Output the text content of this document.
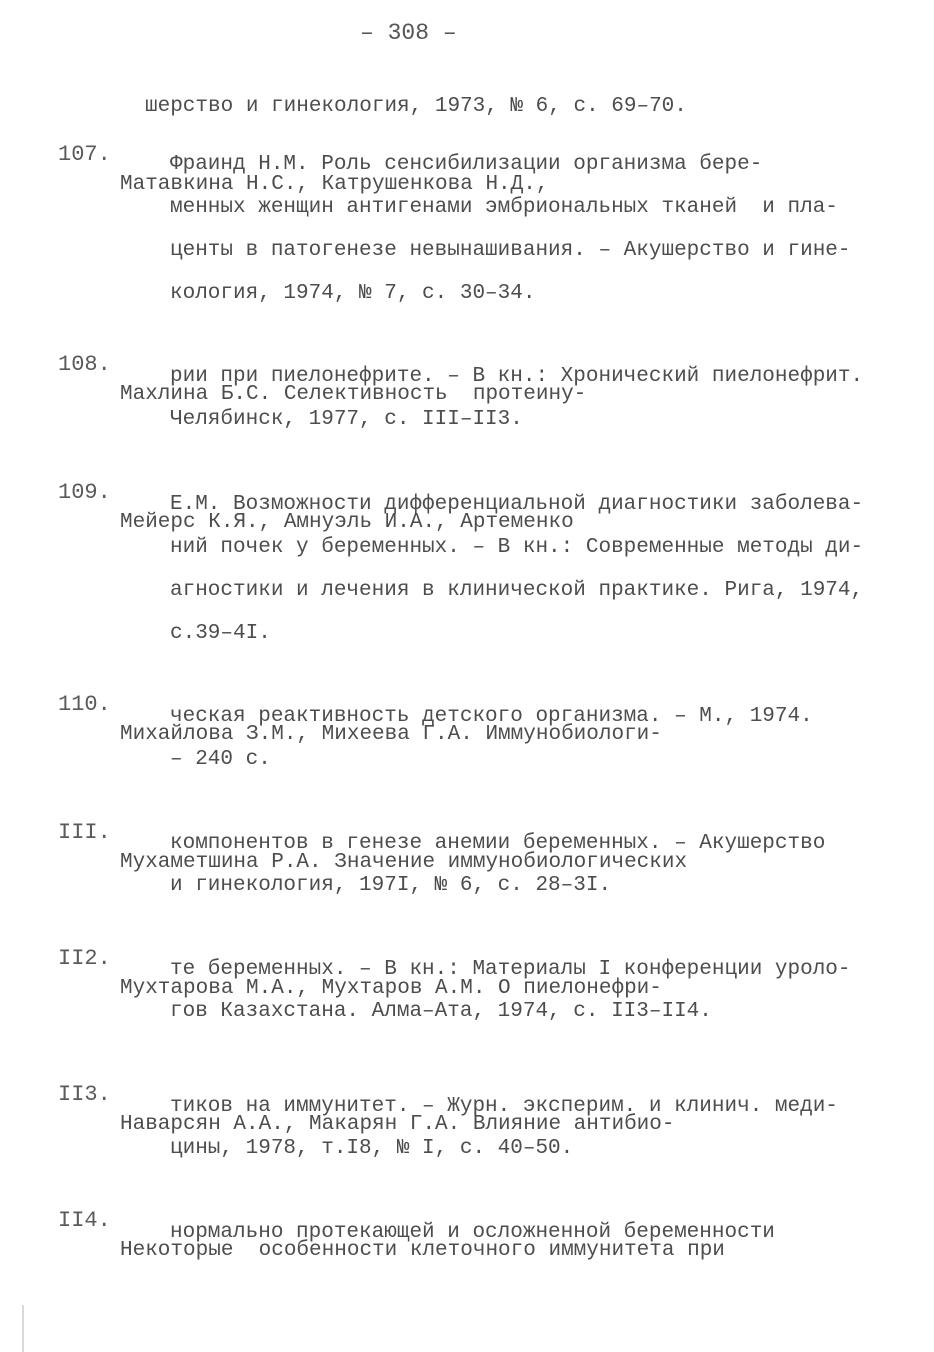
– 308 –

шерство и гинекология, 1973, № 6, с. 69–70.

107.

Матавкина Н.С., Катрушенкова Н.Д.,

Фраинд Н.М. Роль сенсибилизации организма бере-
менных женщин антигенами эмбриональных тканей  и пла-
центы в патогенезе невынашивания. – Акушерство и гине-
кология, 1974, № 7, с. 30–34.

108.

Махлина Б.С. Селективность  протеину-

рии при пиелонефрите. – В кн.: Хронический пиелонефрит.
Челябинск, 1977, с. III–II3.

109.

Мейерс К.Я., Амнуэль И.А., Артеменко

Е.М. Возможности дифференциальной диагностики заболева-
ний почек у беременных. – В кн.: Современные методы ди-
агностики и лечения в клинической практике. Рига, 1974,
с.39–4I.

110.

Михайлова З.М., Михеева Г.А. Иммунобиологи-

ческая реактивность детского организма. – М., 1974.
– 240 с.

III.

Мухаметшина Р.А. Значение иммунобиологических

компонентов в генезе анемии беременных. – Акушерство
и гинекология, 197I, № 6, с. 28–3I.

II2.

Мухтарова М.А., Мухтаров А.М. О пиелонефри-

те беременных. – В кн.: Материалы I конференции уроло-
гов Казахстана. Алма–Ата, 1974, с. II3–II4.

II3.

Наварсян А.А., Макарян Г.А. Влияние антибио-

тиков на иммунитет. – Журн. эксперим. и клинич. меди-
цины, 1978, т.I8, № I, с. 40–50.

II4.

Некоторые  особенности клеточного иммунитета при

нормально протекающей и осложненной беременности
